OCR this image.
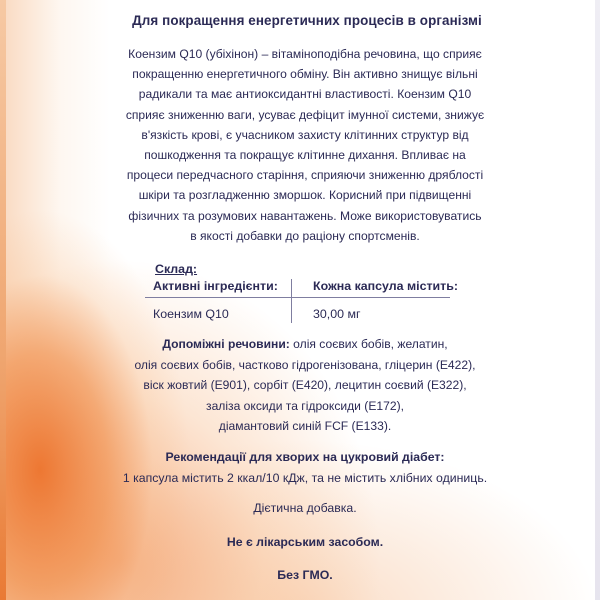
Для покращення енергетичних процесів в організмі
Коензим Q10 (убіхінон) – вітаміноподібна речовина, що сприяє
покращенню енергетичного обміну. Він активно знищує вільні
радикали та має антиоксидантні властивості. Коензим Q10
сприяє зниженню ваги, усуває дефіцит імунної системи, знижує
в'язкість крові, є учасником захисту клітинних структур від
пошкодження та покращує клітинне дихання. Впливає на
процеси передчасного старіння, сприяючи зниженню дряблості
шкіри та розгладженню зморшок. Корисний при підвищенні
фізичних та розумових навантажень. Може використовуватись
в якості добавки до раціону спортсменів.
Склад:
Активні інгредієнти:	Кожна капсула містить:
Коензим Q10	30,00 мг
Допоміжні речовини: олія соєвих бобів, желатин,
олія соєвих бобів, частково гідрогенізована, гліцерин (E422),
віск жовтий (E901), сорбіт (E420), лецитин соєвий (E322),
заліза оксиди та гідроксиди (E172),
діамантовий синій FCF (E133).
Рекомендації для хворих на цукровий діабет:
1 капсула містить 2 ккал/10 кДж, та не містить хлібних одиниць.
Дієтична добавка.
Не є лікарським засобом.
Без ГМО.
